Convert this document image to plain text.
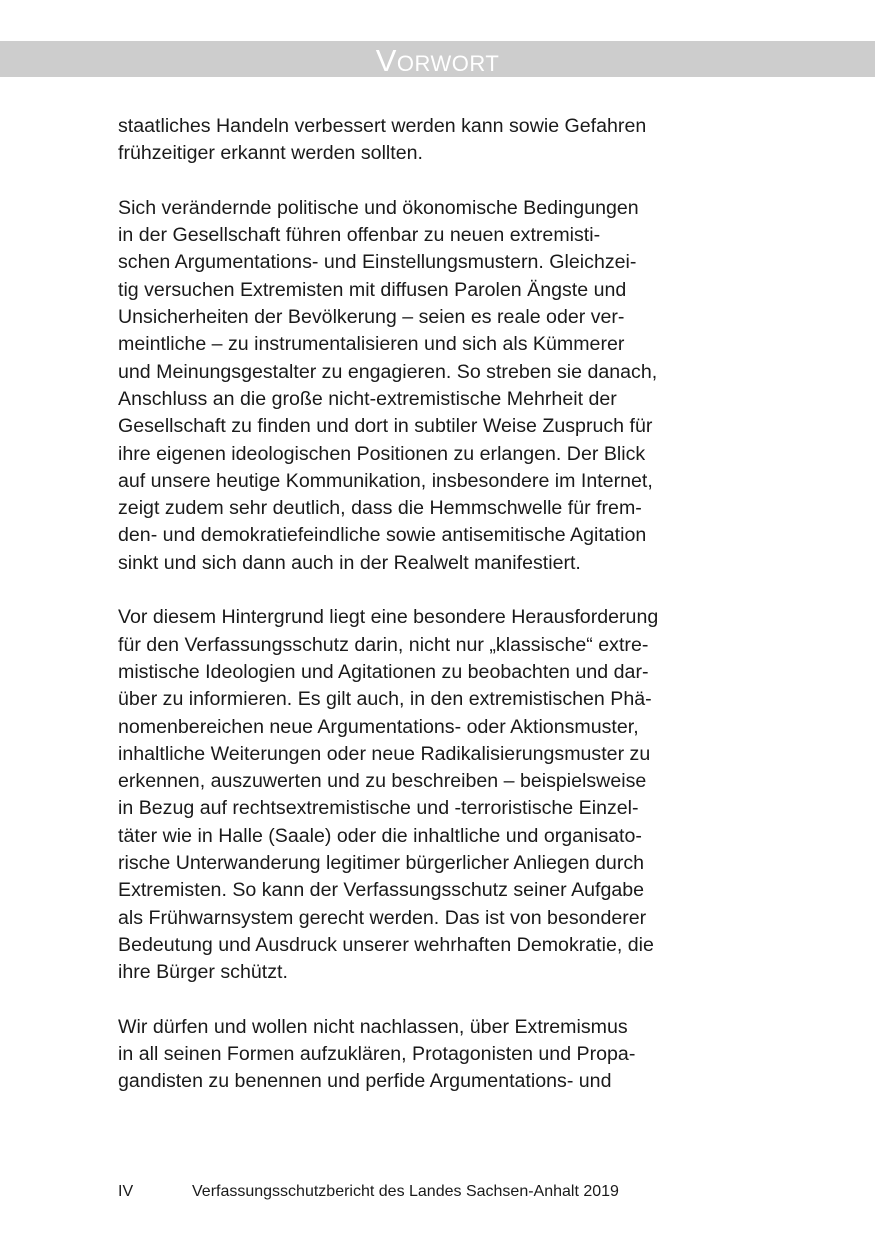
Vorwort
staatliches Handeln verbessert werden kann sowie Gefahren
frühzeitiger erkannt werden sollten.
Sich verändernde politische und ökonomische Bedingungen
in der Gesellschaft führen offenbar zu neuen extremisti-
schen Argumentations- und Einstellungsmustern. Gleichzei-
tig versuchen Extremisten mit diffusen Parolen Ängste und
Unsicherheiten der Bevölkerung – seien es reale oder ver-
meintliche – zu instrumentalisieren und sich als Kümmerer
und Meinungsgestalter zu engagieren. So streben sie danach,
Anschluss an die große nicht-extremistische Mehrheit der
Gesellschaft zu finden und dort in subtiler Weise Zuspruch für
ihre eigenen ideologischen Positionen zu erlangen. Der Blick
auf unsere heutige Kommunikation, insbesondere im Internet,
zeigt zudem sehr deutlich, dass die Hemmschwelle für frem-
den- und demokratiefeindliche sowie antisemitische Agitation
sinkt und sich dann auch in der Realwelt manifestiert.
Vor diesem Hintergrund liegt eine besondere Herausforderung
für den Verfassungsschutz darin, nicht nur „klassische“ extre-
mistische Ideologien und Agitationen zu beobachten und dar-
über zu informieren. Es gilt auch, in den extremistischen Phä-
nomenbereichen neue Argumentations- oder Aktionsmuster,
inhaltliche Weiterungen oder neue Radikalisierungsmuster zu
erkennen, auszuwerten und zu beschreiben – beispielsweise
in Bezug auf rechtsextremistische und -terroristische Einzel-
täter wie in Halle (Saale) oder die inhaltliche und organisato-
rische Unterwanderung legitimer bürgerlicher Anliegen durch
Extremisten. So kann der Verfassungsschutz seiner Aufgabe
als Frühwarnsystem gerecht werden. Das ist von besonderer
Bedeutung und Ausdruck unserer wehrhaften Demokratie, die
ihre Bürger schützt.
Wir dürfen und wollen nicht nachlassen, über Extremismus
in all seinen Formen aufzuklären, Protagonisten und Propa-
gandisten zu benennen und perfide Argumentations- und
IV	Verfassungsschutzbericht des Landes Sachsen-Anhalt 2019
